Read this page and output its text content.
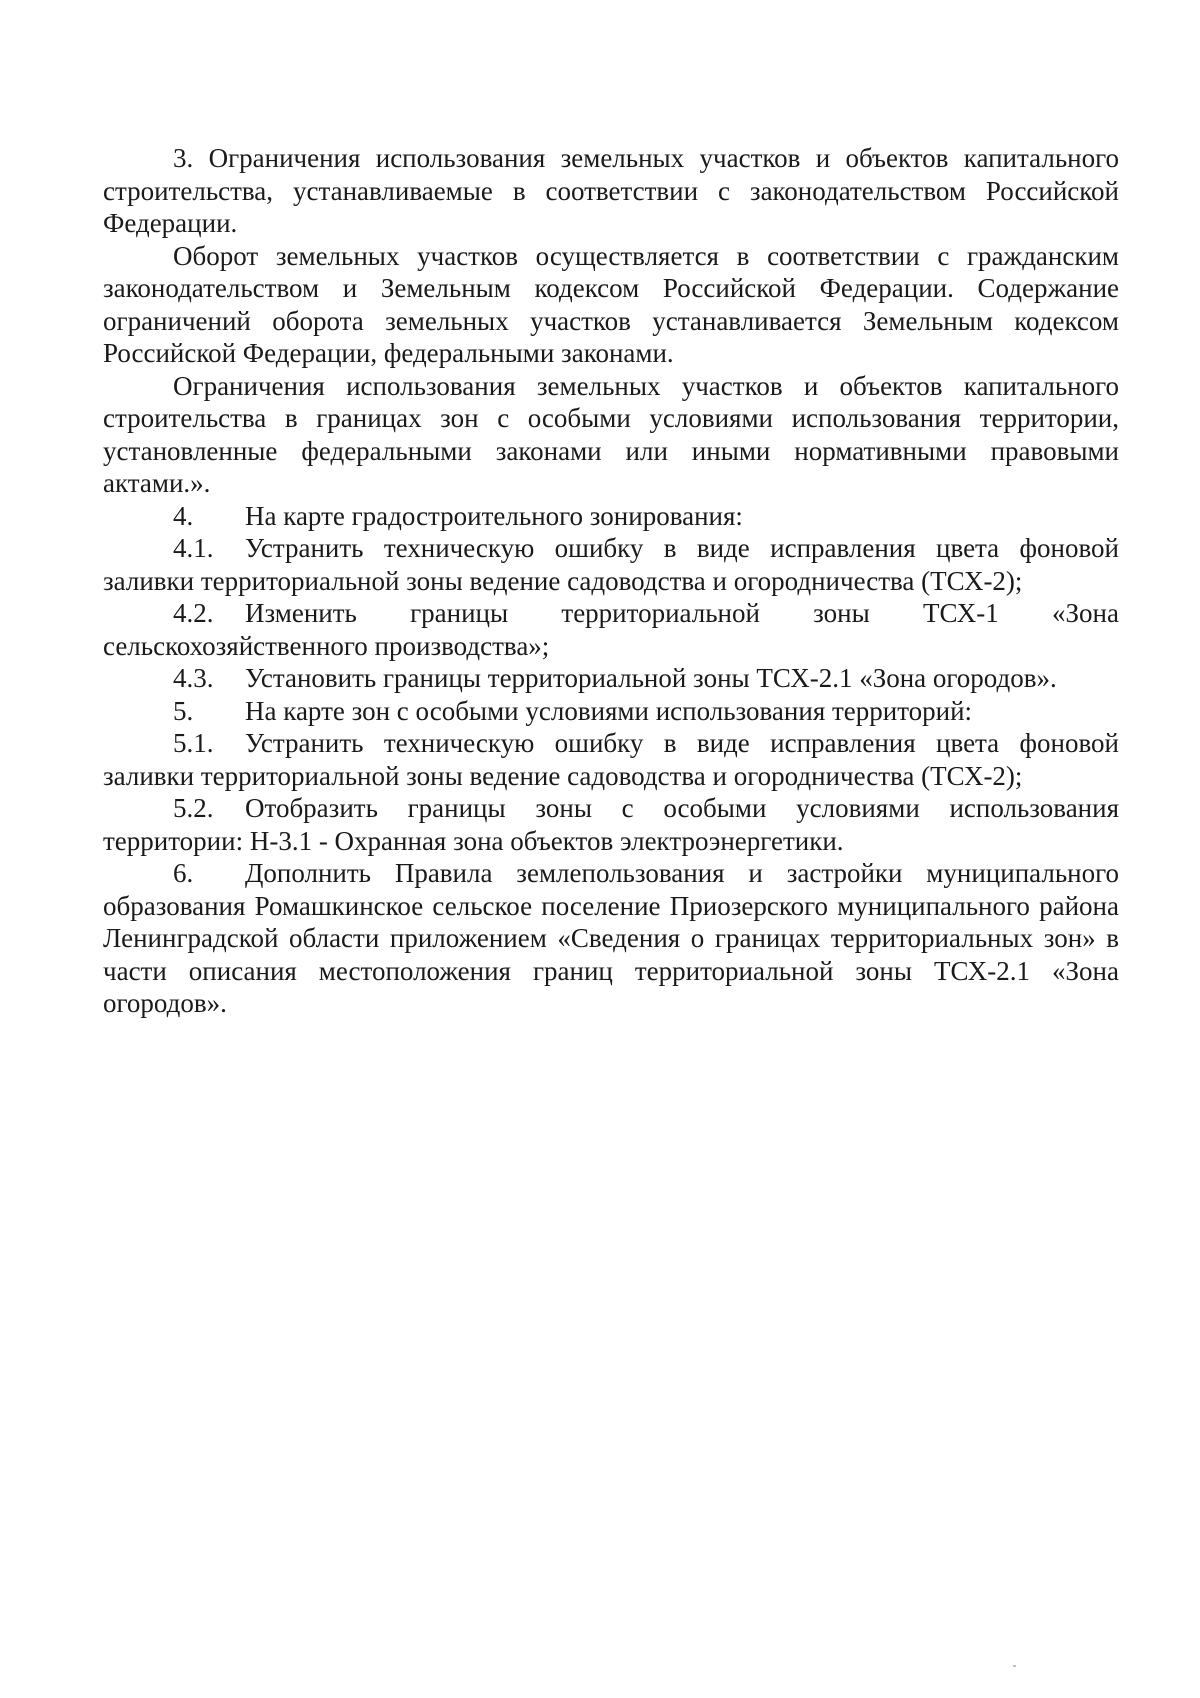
3. Ограничения использования земельных участков и объектов капитального строительства, устанавливаемые в соответствии с законодательством Российской Федерации.

Оборот земельных участков осуществляется в соответствии с гражданским законодательством и Земельным кодексом Российской Федерации. Содержание ограничений оборота земельных участков устанавливается Земельным кодексом Российской Федерации, федеральными законами.

Ограничения использования земельных участков и объектов капитального строительства в границах зон с особыми условиями использования территории, установленные федеральными законами или иными нормативными правовыми актами.».

4. На карте градостроительного зонирования:

4.1. Устранить техническую ошибку в виде исправления цвета фоновой заливки территориальной зоны ведение садоводства и огородничества (ТСХ-2);

4.2. Изменить границы территориальной зоны ТСХ-1 «Зона сельскохозяйственного производства»;

4.3. Установить границы территориальной зоны ТСХ-2.1 «Зона огородов».

5. На карте зон с особыми условиями использования территорий:

5.1. Устранить техническую ошибку в виде исправления цвета фоновой заливки территориальной зоны ведение садоводства и огородничества (ТСХ-2);

5.2. Отобразить границы зоны с особыми условиями использования территории: Н-3.1 - Охранная зона объектов электроэнергетики.

6. Дополнить Правила землепользования и застройки муниципального образования Ромашкинское сельское поселение Приозерского муниципального района Ленинградской области приложением «Сведения о границах территориальных зон» в части описания местоположения границ территориальной зоны ТСХ-2.1 «Зона огородов».
